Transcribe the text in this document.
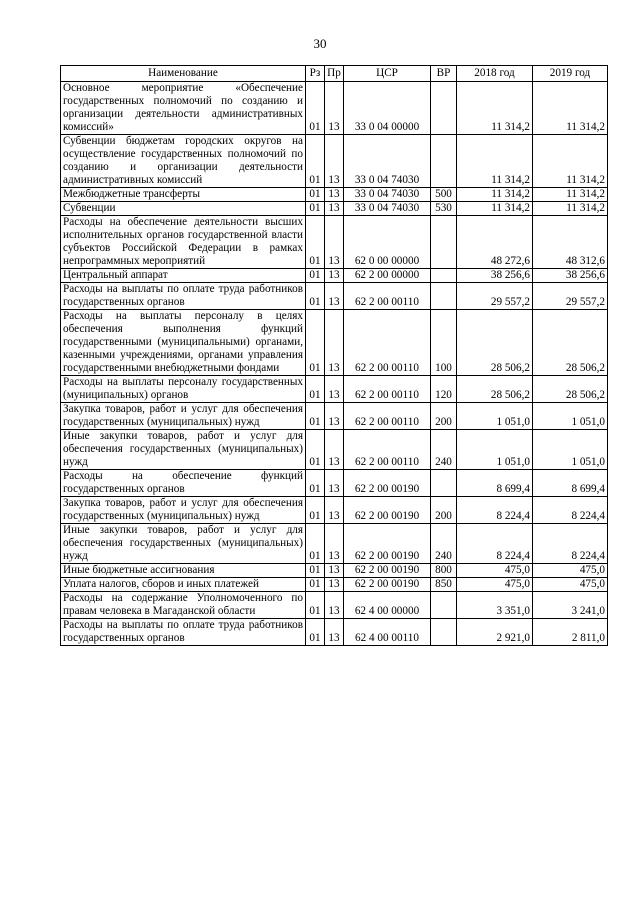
30
Наименование	Рз	Пр	ЦСР	ВР	2018 год	2019 год
Основное мероприятие «Обеспечение государственных полномочий по созданию и организации деятельности административных комиссий»	01	13	33 0 04 00000		11 314,2	11 314,2
Субвенции бюджетам городских округов на осуществление государственных полномочий по созданию и организации деятельности административных комиссий	01	13	33 0 04 74030		11 314,2	11 314,2
Межбюджетные трансферты	01	13	33 0 04 74030	500	11 314,2	11 314,2
Субвенции	01	13	33 0 04 74030	530	11 314,2	11 314,2
Расходы на обеспечение деятельности высших исполнительных органов государственной власти субъектов Российской Федерации в рамках непрограммных мероприятий	01	13	62 0 00 00000		48 272,6	48 312,6
Центральный аппарат	01	13	62 2 00 00000		38 256,6	38 256,6
Расходы на выплаты по оплате труда работников государственных органов	01	13	62 2 00 00110		29 557,2	29 557,2
Расходы на выплаты персоналу в целях обеспечения выполнения функций государственными (муниципальными) органами, казенными учреждениями, органами управления государственными внебюджетными фондами	01	13	62 2 00 00110	100	28 506,2	28 506,2
Расходы на выплаты персоналу государственных (муниципальных) органов	01	13	62 2 00 00110	120	28 506,2	28 506,2
Закупка товаров, работ и услуг для обеспечения государственных (муниципальных) нужд	01	13	62 2 00 00110	200	1 051,0	1 051,0
Иные закупки товаров, работ и услуг для обеспечения государственных (муниципальных) нужд	01	13	62 2 00 00110	240	1 051,0	1 051,0
Расходы на обеспечение функций государственных органов	01	13	62 2 00 00190		8 699,4	8 699,4
Закупка товаров, работ и услуг для обеспечения государственных (муниципальных) нужд	01	13	62 2 00 00190	200	8 224,4	8 224,4
Иные закупки товаров, работ и услуг для обеспечения государственных (муниципальных) нужд	01	13	62 2 00 00190	240	8 224,4	8 224,4
Иные бюджетные ассигнования	01	13	62 2 00 00190	800	475,0	475,0
Уплата налогов, сборов и иных платежей	01	13	62 2 00 00190	850	475,0	475,0
Расходы на содержание Уполномоченного по правам человека в Магаданской области	01	13	62 4 00 00000		3 351,0	3 241,0
Расходы на выплаты по оплате труда работников государственных органов	01	13	62 4 00 00110		2 921,0	2 811,0
